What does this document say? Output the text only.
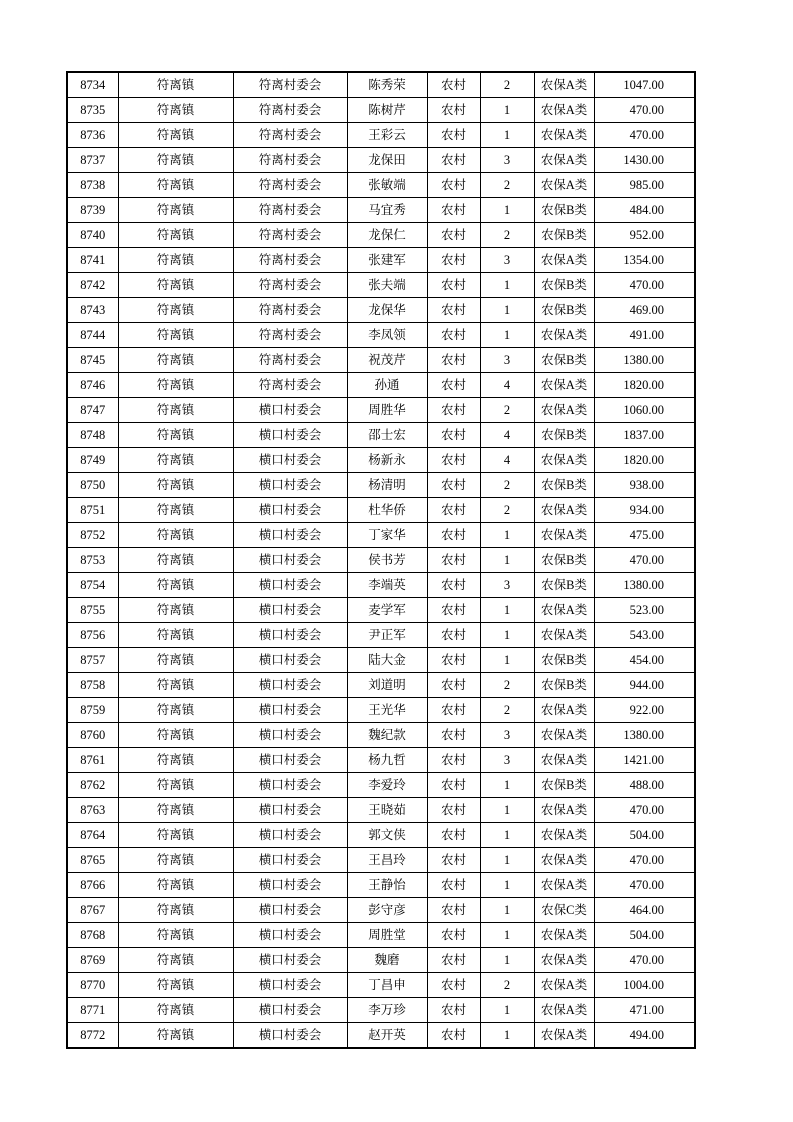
8734	符离镇	符离村委会	陈秀荣	农村	2	农保A类	1047.00
8735	符离镇	符离村委会	陈树芹	农村	1	农保A类	470.00
8736	符离镇	符离村委会	王彩云	农村	1	农保A类	470.00
8737	符离镇	符离村委会	龙保田	农村	3	农保A类	1430.00
8738	符离镇	符离村委会	张敏端	农村	2	农保A类	985.00
8739	符离镇	符离村委会	马宜秀	农村	1	农保B类	484.00
8740	符离镇	符离村委会	龙保仁	农村	2	农保B类	952.00
8741	符离镇	符离村委会	张建军	农村	3	农保A类	1354.00
8742	符离镇	符离村委会	张夫端	农村	1	农保B类	470.00
8743	符离镇	符离村委会	龙保华	农村	1	农保B类	469.00
8744	符离镇	符离村委会	李凤领	农村	1	农保A类	491.00
8745	符离镇	符离村委会	祝茂芹	农村	3	农保B类	1380.00
8746	符离镇	符离村委会	孙通	农村	4	农保A类	1820.00
8747	符离镇	横口村委会	周胜华	农村	2	农保A类	1060.00
8748	符离镇	横口村委会	邵士宏	农村	4	农保B类	1837.00
8749	符离镇	横口村委会	杨新永	农村	4	农保A类	1820.00
8750	符离镇	横口村委会	杨清明	农村	2	农保B类	938.00
8751	符离镇	横口村委会	杜华侨	农村	2	农保A类	934.00
8752	符离镇	横口村委会	丁家华	农村	1	农保A类	475.00
8753	符离镇	横口村委会	侯书芳	农村	1	农保B类	470.00
8754	符离镇	横口村委会	李端英	农村	3	农保B类	1380.00
8755	符离镇	横口村委会	麦学军	农村	1	农保A类	523.00
8756	符离镇	横口村委会	尹正军	农村	1	农保A类	543.00
8757	符离镇	横口村委会	陆大金	农村	1	农保B类	454.00
8758	符离镇	横口村委会	刘道明	农村	2	农保B类	944.00
8759	符离镇	横口村委会	王光华	农村	2	农保A类	922.00
8760	符离镇	横口村委会	魏纪款	农村	3	农保A类	1380.00
8761	符离镇	横口村委会	杨九哲	农村	3	农保A类	1421.00
8762	符离镇	横口村委会	李爱玲	农村	1	农保B类	488.00
8763	符离镇	横口村委会	王晓茹	农村	1	农保A类	470.00
8764	符离镇	横口村委会	郭文侠	农村	1	农保A类	504.00
8765	符离镇	横口村委会	王昌玲	农村	1	农保A类	470.00
8766	符离镇	横口村委会	王静怡	农村	1	农保A类	470.00
8767	符离镇	横口村委会	彭守彦	农村	1	农保C类	464.00
8768	符离镇	横口村委会	周胜堂	农村	1	农保A类	504.00
8769	符离镇	横口村委会	魏磨	农村	1	农保A类	470.00
8770	符离镇	横口村委会	丁昌申	农村	2	农保A类	1004.00
8771	符离镇	横口村委会	李万珍	农村	1	农保A类	471.00
8772	符离镇	横口村委会	赵开英	农村	1	农保A类	494.00
